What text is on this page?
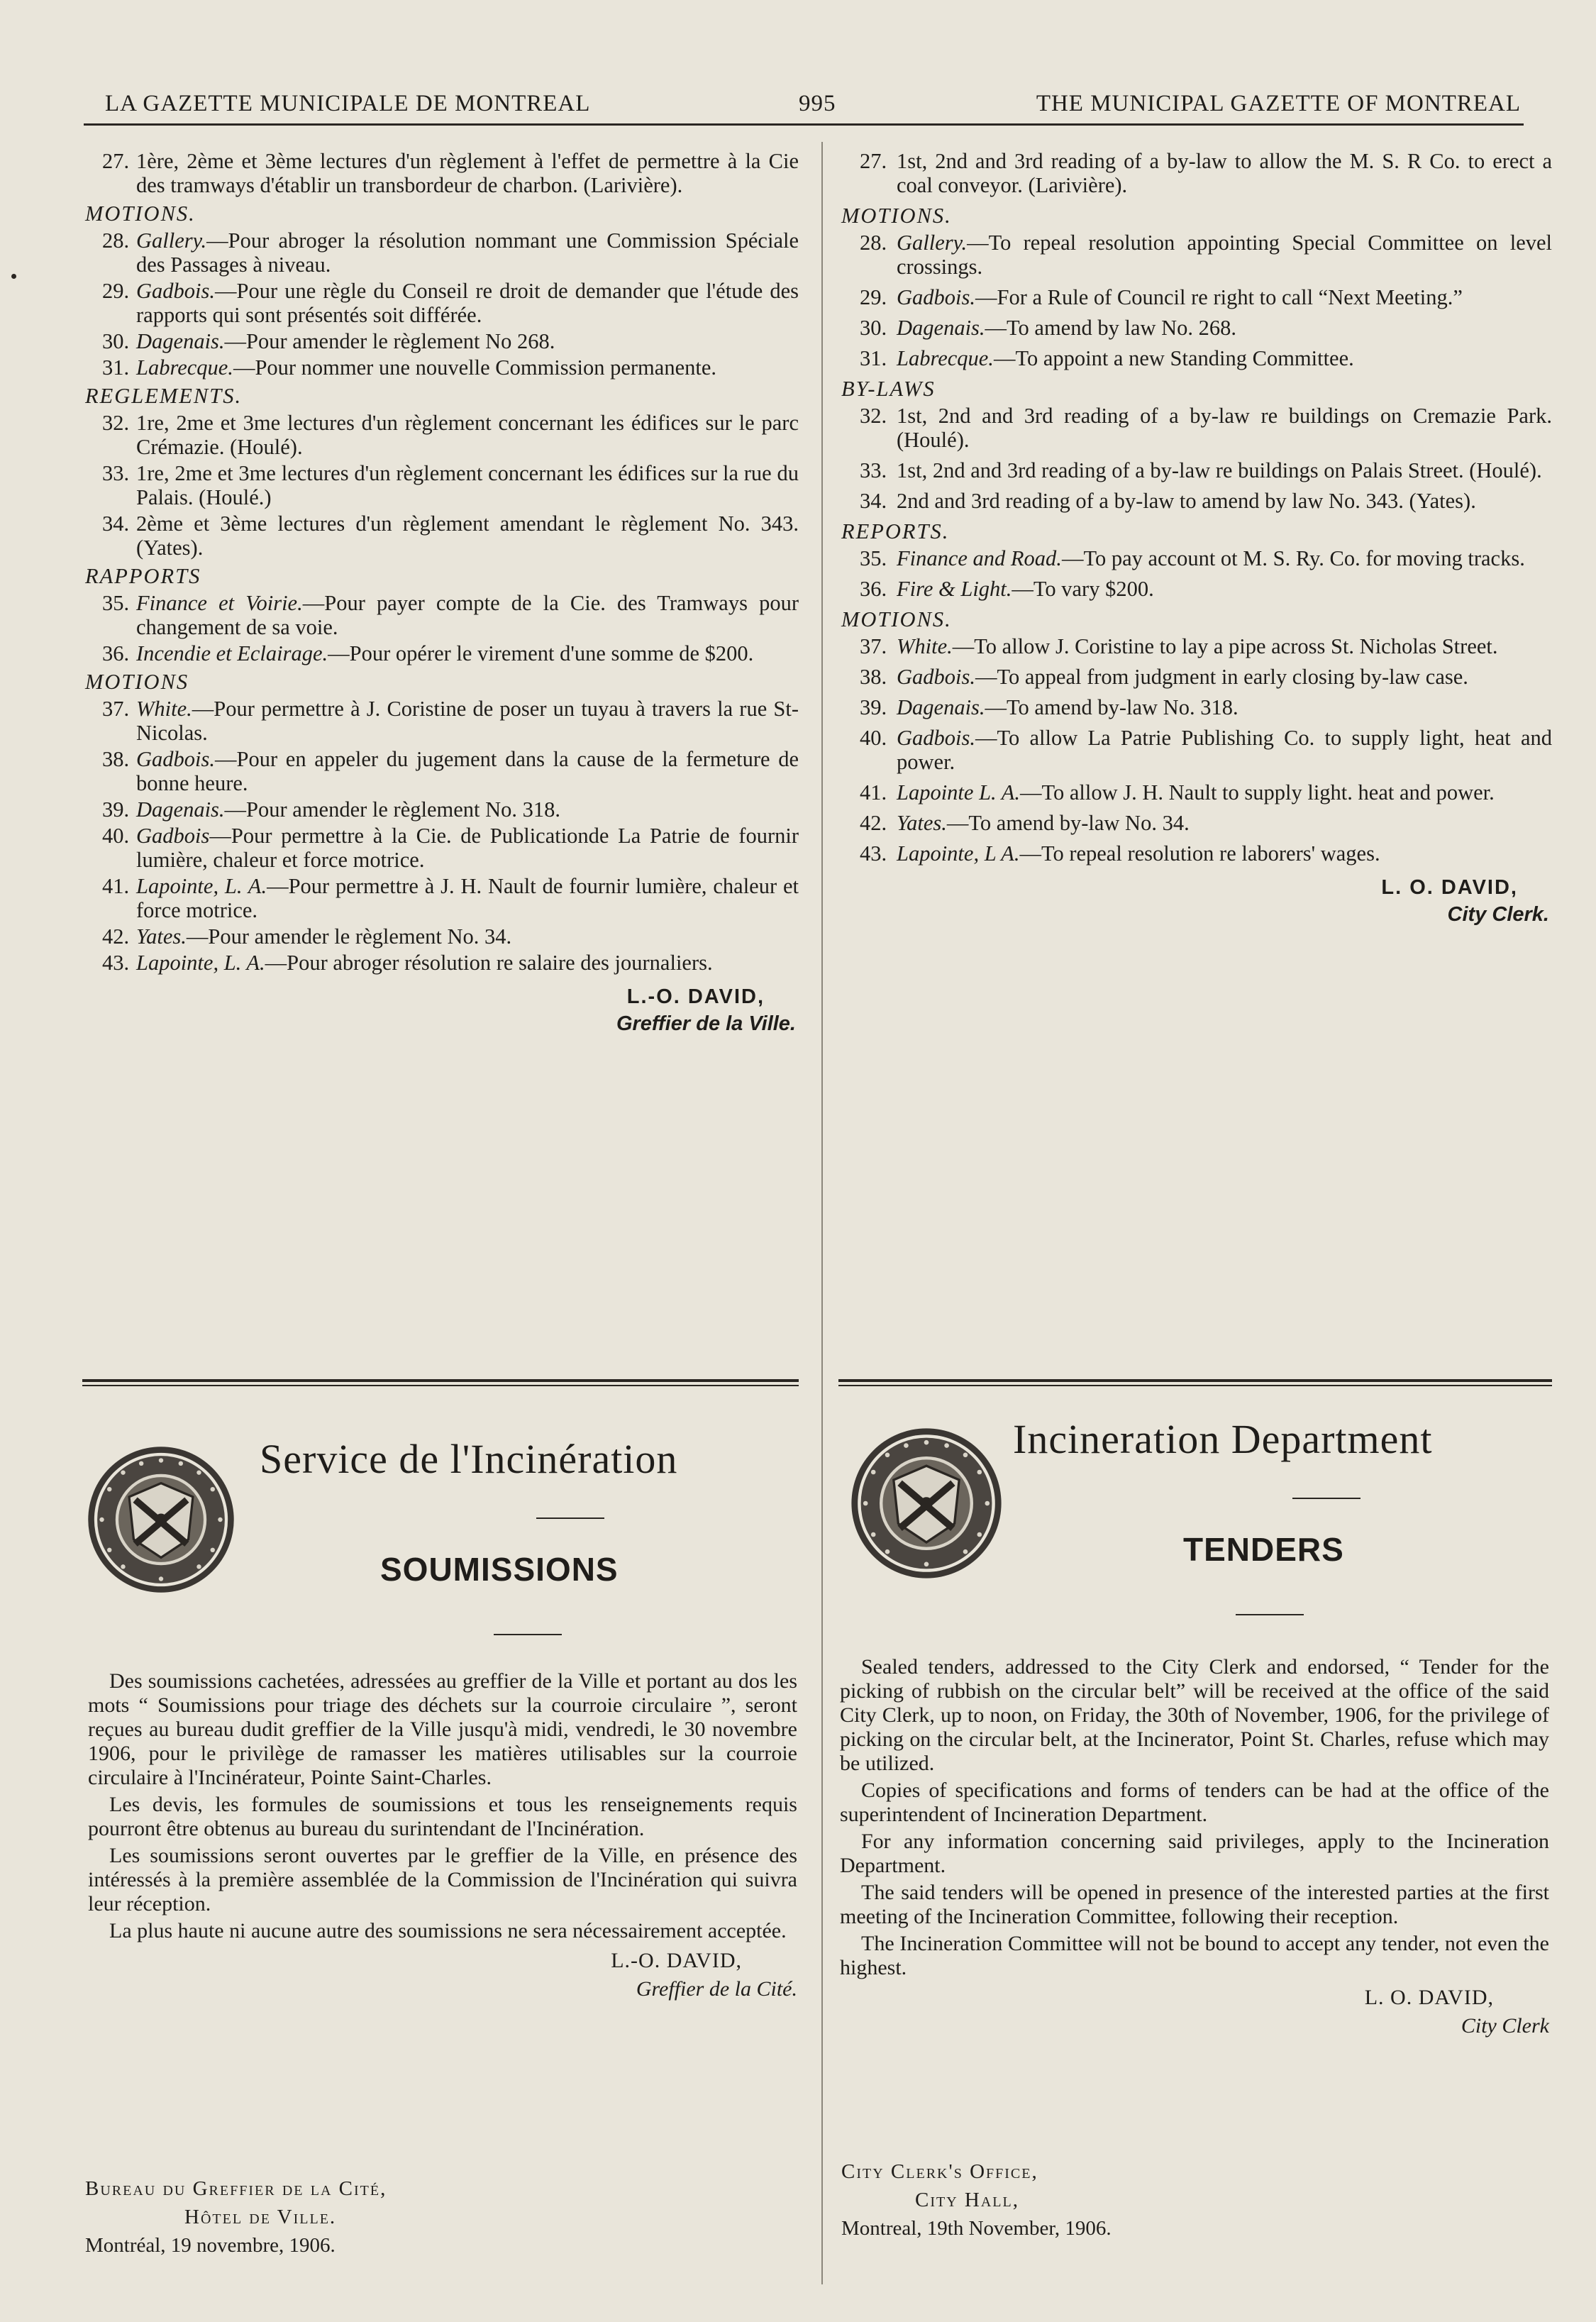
LA GAZETTE MUNICIPALE DE MONTREAL	995	THE MUNICIPAL GAZETTE OF MONTREAL
27. 1ère, 2ème et 3ème lectures d'un règlement à l'effet de permettre à la Cie des tramways d'établir un transbordeur de charbon. (Larivière).
MOTIONS.
28. Gallery.—Pour abroger la résolution nommant une Commission Spéciale des Passages à niveau.
29. Gadbois.—Pour une règle du Conseil re droit de demander que l'étude des rapports qui sont présentés soit différée.
30. Dagenais.—Pour amender le règlement No 268.
31. Labrecque.—Pour nommer une nouvelle Commission permanente.
REGLEMENTS.
32. 1re, 2me et 3me lectures d'un règlement concernant les édifices sur le parc Crémazie. (Houlé).
33. 1re, 2me et 3me lectures d'un règlement concernant les édifices sur la rue du Palais. (Houlé.)
34. 2ème et 3ème lectures d'un règlement amendant le règlement No. 343. (Yates).
RAPPORTS
35. Finance et Voirie.—Pour payer compte de la Cie. des Tramways pour changement de sa voie.
36. Incendie et Eclairage.—Pour opérer le virement d'une somme de $200.
MOTIONS
37. White.—Pour permettre à J. Coristine de poser un tuyau à travers la rue St-Nicolas.
38. Gadbois.—Pour en appeler du jugement dans la cause de la fermeture de bonne heure.
39. Dagenais.—Pour amender le règlement No. 318.
40. Gadbois—Pour permettre à la Cie. de Publicationde La Patrie de fournir lumière, chaleur et force motrice.
41. Lapointe, L. A.—Pour permettre à J. H. Nault de fournir lumière, chaleur et force motrice.
42. Yates.—Pour amender le règlement No. 34.
43. Lapointe, L. A.—Pour abroger résolution re salaire des journaliers.
L.-O. DAVID,
Greffier de la Ville.
27. 1st, 2nd and 3rd reading of a by-law to allow the M. S. R Co. to erect a coal conveyor. (Larivière).
MOTIONS.
28. Gallery.—To repeal resolution appointing Special Committee on level crossings.
29. Gadbois.—For a Rule of Council re right to call “Next Meeting.”
30. Dagenais.—To amend by law No. 268.
31. Labrecque.—To appoint a new Standing Committee.
BY-LAWS
32. 1st, 2nd and 3rd reading of a by-law re buildings on Cremazie Park. (Houlé).
33. 1st, 2nd and 3rd reading of a by-law re buildings on Palais Street. (Houlé).
34. 2nd and 3rd reading of a by-law to amend by law No. 343. (Yates).
REPORTS.
35. Finance and Road.—To pay account ot M. S. Ry. Co. for moving tracks.
36. Fire & Light.—To vary $200.
MOTIONS.
37. White.—To allow J. Coristine to lay a pipe across St. Nicholas Street.
38. Gadbois.—To appeal from judgment in early closing by-law case.
39. Dagenais.—To amend by-law No. 318.
40. Gadbois.—To allow La Patrie Publishing Co. to supply light, heat and power.
41. Lapointe L. A.—To allow J. H. Nault to supply light. heat and power.
42. Yates.—To amend by-law No. 34.
43. Lapointe, L A.—To repeal resolution re laborers' wages.
L. O. DAVID,
City Clerk.
Service de l'Incinération
SOUMISSIONS

Des soumissions cachetées, adressées au greffier de la Ville et portant au dos les mots “ Soumissions pour triage des déchets sur la courroie circulaire ”, seront reçues au bureau dudit greffier de la Ville jusqu'à midi, vendredi, le 30 novembre 1906, pour le privilège de ramasser les matières utilisables sur la courroie circulaire à l'Incinérateur, Pointe Saint-Charles.

Les devis, les formules de soumissions et tous les renseignements requis pourront être obtenus au bureau du surintendant de l'Incinération.

Les soumissions seront ouvertes par le greffier de la Ville, en présence des intéressés à la première assemblée de la Commission de l'Incinération qui suivra leur réception.

La plus haute ni aucune autre des soumissions ne sera nécessairement acceptée.

L.-O. DAVID,
Greffier de la Cité.
Bureau du Greffier de la Cité,

Hôtel de Ville.
Montréal, 19 novembre, 1906.
Incineration Department
TENDERS

Sealed tenders, addressed to the City Clerk and endorsed, “ Tender for the picking of rubbish on the circular belt” will be received at the office of the said City Clerk, up to noon, on Friday, the 30th of November, 1906, for the privilege of picking on the circular belt, at the Incinerator, Point St. Charles, refuse which may be utilized.

Copies of specifications and forms of tenders can be had at the office of the superintendent of Incineration Department.

For any information concerning said privileges, apply to the Incineration Department.

The said tenders will be opened in presence of the interested parties at the first meeting of the Incineration Committee, following their reception.

The Incineration Committee will not be bound to accept any tender, not even the highest.

L. O. DAVID,
City Clerk
City Clerk's Office,

City Hall,
Montreal, 19th November, 1906.
